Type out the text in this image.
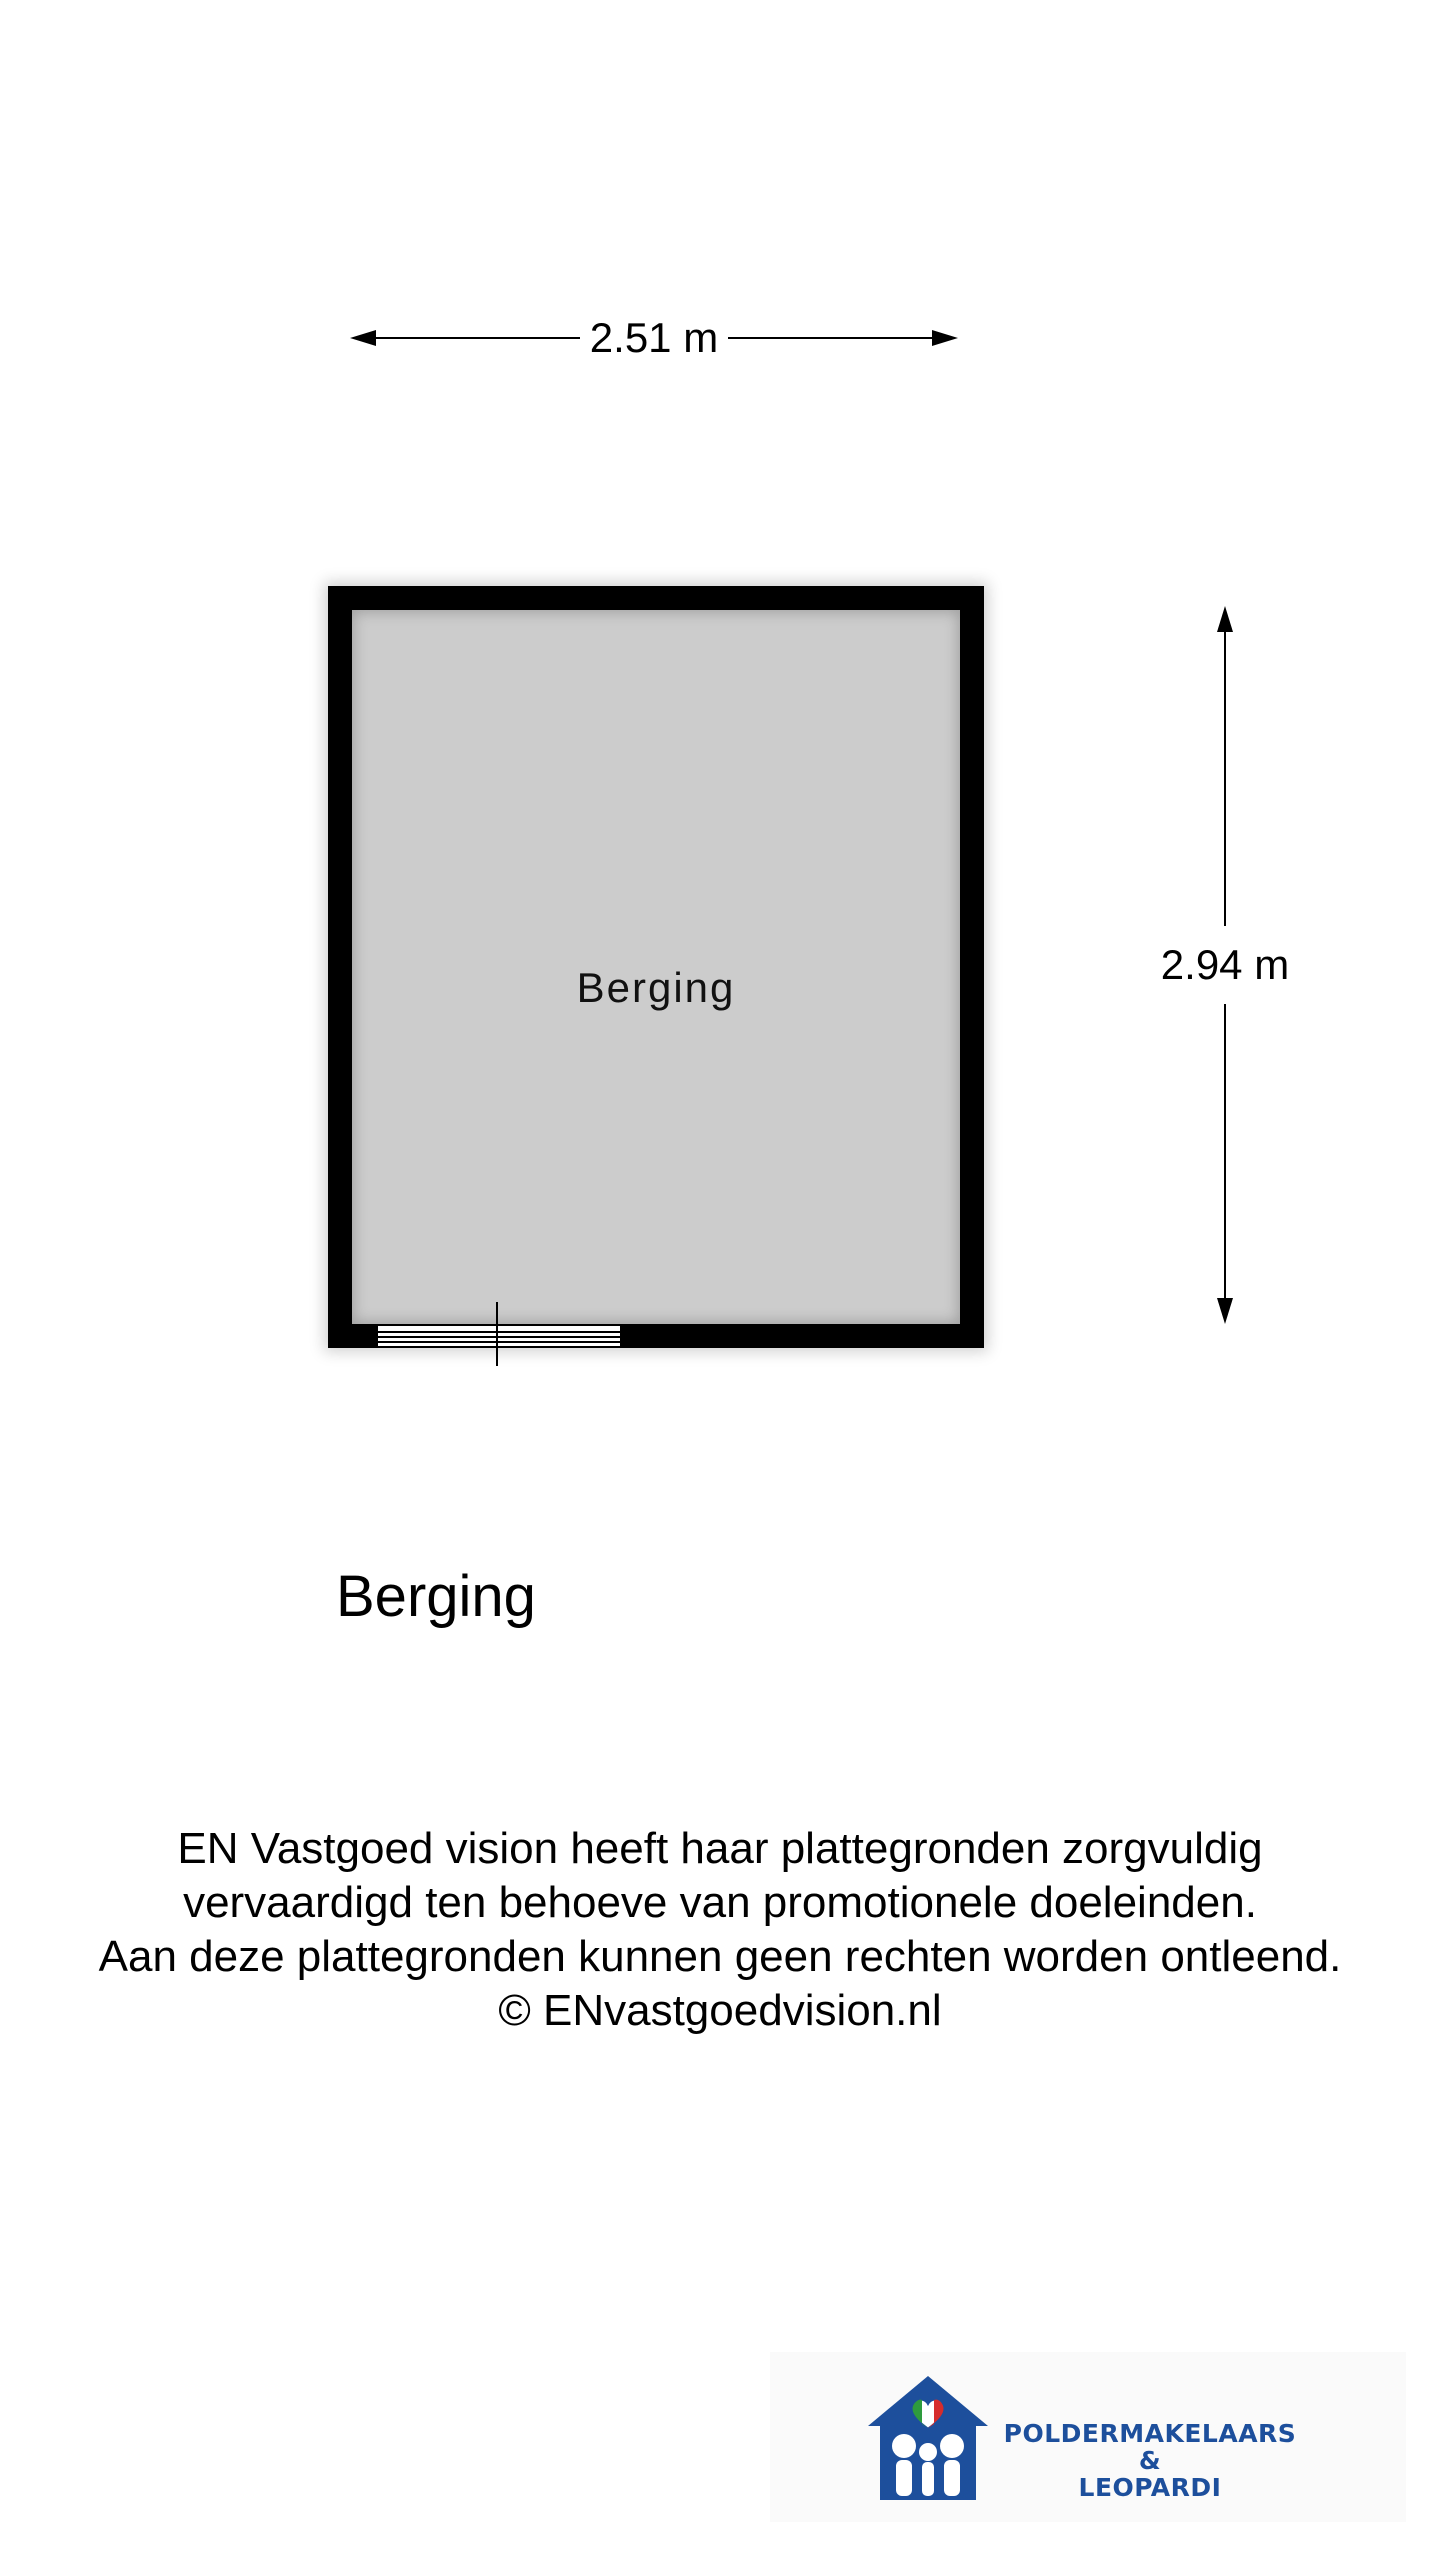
2.51 m
Berging	2.94 m
Berging
EN Vastgoed vision heeft haar plattegronden zorgvuldig
vervaardigd ten behoeve van promotionele doeleinden.
Aan deze plattegronden kunnen geen rechten worden ontleend.
© ENvastgoedvision.nl
POLDERMAKELAARS
&
LEOPARDI
